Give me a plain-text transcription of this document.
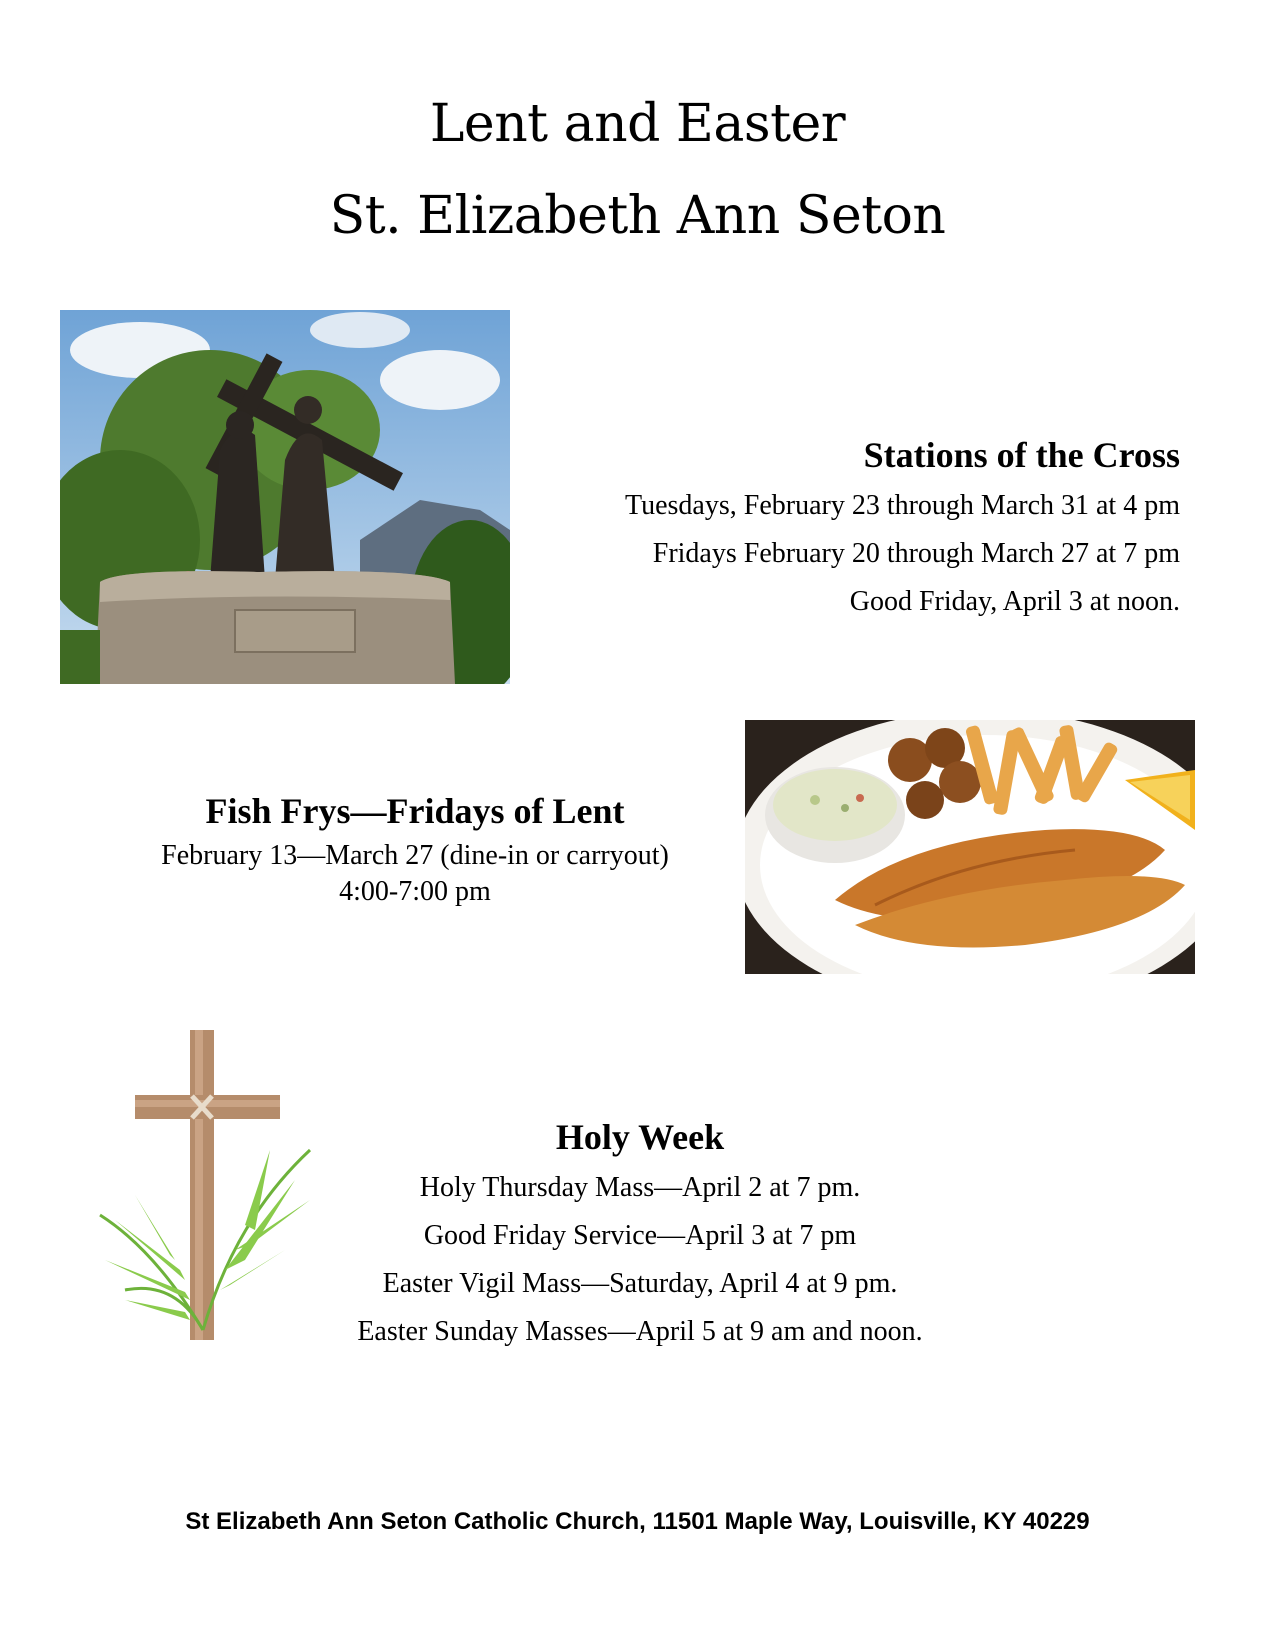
Lent and Easter
St. Elizabeth Ann Seton
Stations of the Cross
Tuesdays, February 23 through March 31 at 4 pm
Fridays February 20 through March 27 at 7 pm
Good Friday, April 3 at noon.
Fish Frys—Fridays of Lent
February 13—March 27 (dine-in or carryout)
4:00-7:00 pm
Holy Week
Holy Thursday Mass—April 2 at 7 pm.
Good Friday Service—April 3 at 7 pm
Easter Vigil Mass—Saturday, April 4 at 9 pm.
Easter Sunday Masses—April 5 at 9 am and noon.
St Elizabeth Ann Seton Catholic Church, 11501 Maple Way, Louisville, KY 40229
